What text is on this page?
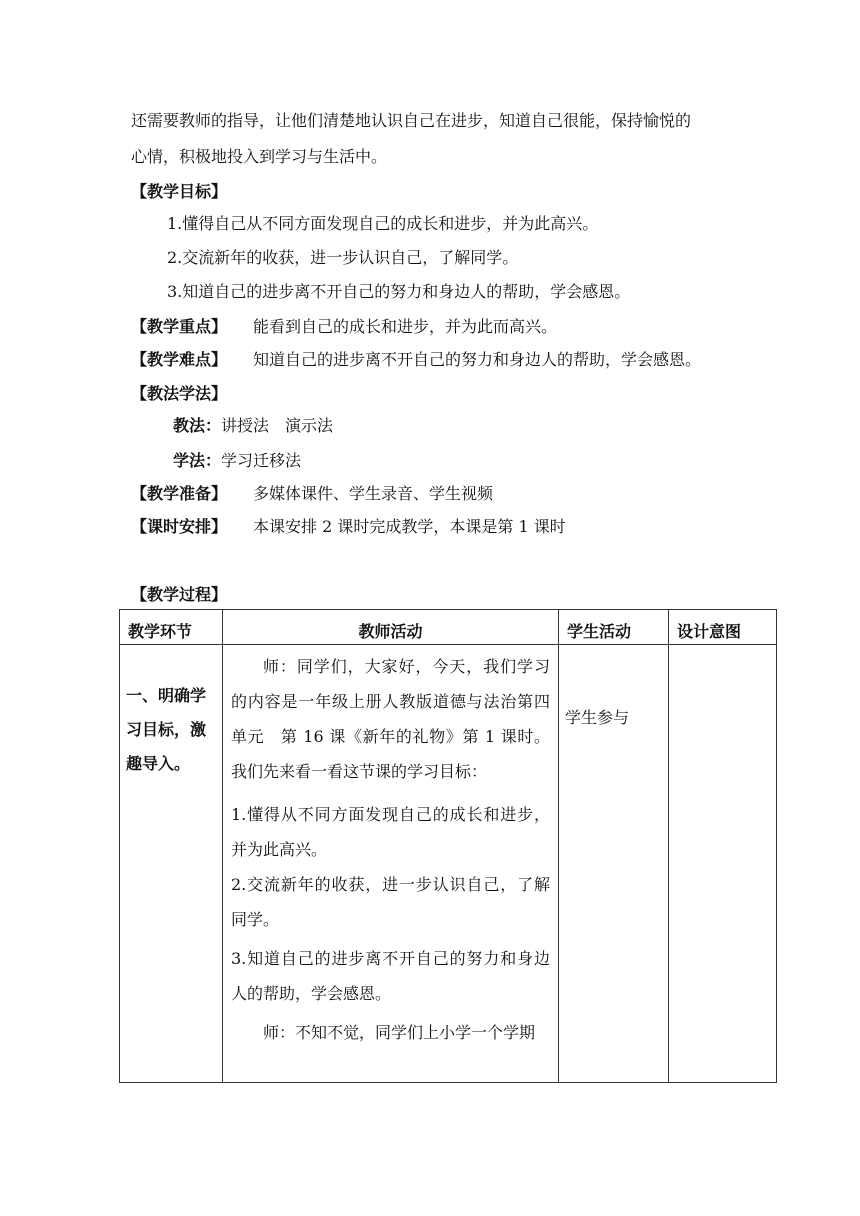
还需要教师的指导，让他们清楚地认识自己在进步，知道自己很能，保持愉悦的
心情，积极地投入到学习与生活中。
【教学目标】
1.懂得自己从不同方面发现自己的成长和进步，并为此高兴。
2.交流新年的收获，进一步认识自己，了解同学。
3.知道自己的进步离不开自己的努力和身边人的帮助，学会感恩。
【教学重点】 能看到自己的成长和进步，并为此而高兴。
【教学难点】 知道自己的进步离不开自己的努力和身边人的帮助，学会感恩。
【教法学法】
教法：讲授法　演示法
学法：学习迁移法
【教学准备】 多媒体课件、学生录音、学生视频
【课时安排】 本课安排 2 课时完成教学，本课是第 1 课时
【教学过程】
教学环节	教师活动	学生活动	设计意图

一、明确学习目标，激趣导入。	师：同学们，大家好，今天，我们学习的内容是一年级上册人教版道德与法治第四单元　第 16 课《新年的礼物》第 1 课时。我们先来看一看这节课的学习目标：

1.懂得从不同方面发现自己的成长和进步，并为此高兴。

2.交流新年的收获，进一步认识自己，了解同学。

3.知道自己的进步离不开自己的努力和身边人的帮助，学会感恩。

师：不知不觉，同学们上小学一个学期	学生参与	
